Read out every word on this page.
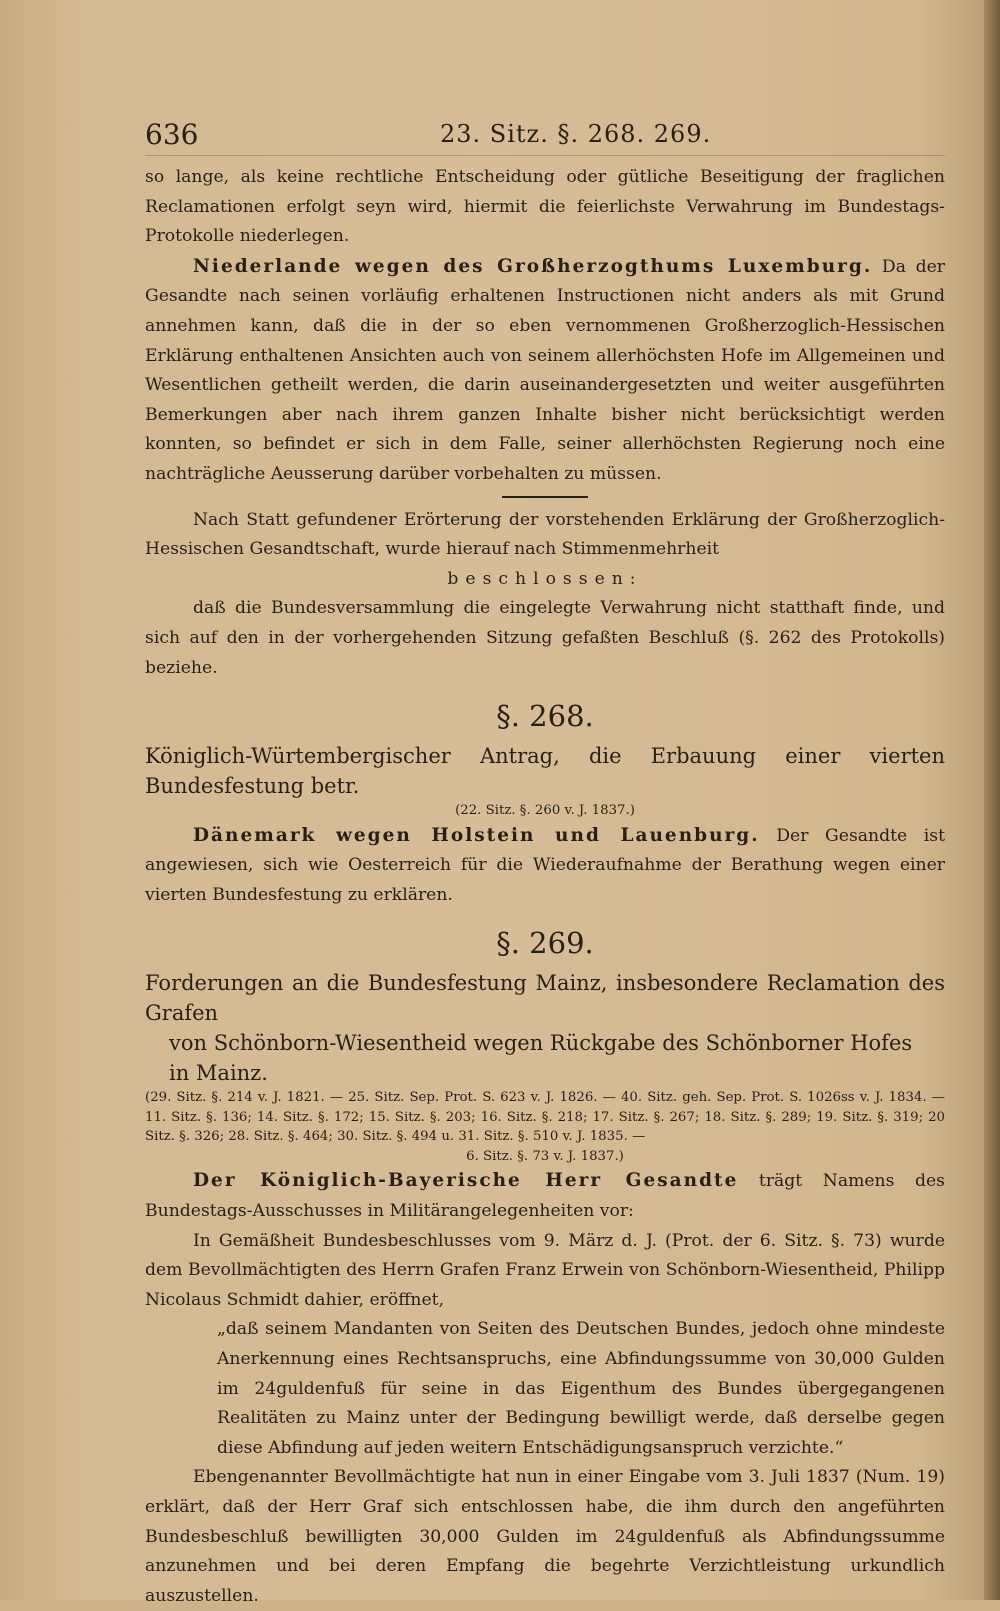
636	23. Sitz. §. 268. 269.

so lange, als keine rechtliche Entscheidung oder gütliche Beseitigung der fraglichen Reclamationen erfolgt seyn wird, hiermit die feierlichste Verwahrung im Bundestags-Protokolle niederlegen.

Niederlande wegen des Großherzogthums Luxemburg. Da der Gesandte nach seinen vorläufig erhaltenen Instructionen nicht anders als mit Grund annehmen kann, daß die in der so eben vernommenen Großherzoglich-Hessischen Erklärung enthaltenen Ansichten auch von seinem allerhöchsten Hofe im Allgemeinen und Wesentlichen getheilt werden, die darin auseinandergesetzten und weiter ausgeführten Bemerkungen aber nach ihrem ganzen Inhalte bisher nicht berücksichtigt werden konnten, so befindet er sich in dem Falle, seiner allerhöchsten Regierung noch eine nachträgliche Aeusserung darüber vorbehalten zu müssen.

Nach Statt gefundener Erörterung der vorstehenden Erklärung der Großherzoglich-Hessischen Gesandtschaft, wurde hierauf nach Stimmenmehrheit

beschlossen:

daß die Bundesversammlung die eingelegte Verwahrung nicht statthaft finde, und sich auf den in der vorhergehenden Sitzung gefaßten Beschluß (§. 262 des Protokolls) beziehe.

§. 268.

Königlich-Würtembergischer Antrag, die Erbauung einer vierten Bundesfestung betr.

(22. Sitz. §. 260 v. J. 1837.)

Dänemark wegen Holstein und Lauenburg. Der Gesandte ist angewiesen, sich wie Oesterreich für die Wiederaufnahme der Berathung wegen einer vierten Bundesfestung zu erklären.

§. 269.

Forderungen an die Bundesfestung Mainz, insbesondere Reclamation des Grafen
von Schönborn-Wiesentheid wegen Rückgabe des Schönborner Hofes
in Mainz.

(29. Sitz. §. 214 v. J. 1821. — 25. Sitz. Sep. Prot. S. 623 v. J. 1826. — 40. Sitz. geh. Sep. Prot. S. 1026ss v. J. 1834. — 11. Sitz. §. 136; 14. Sitz. §. 172; 15. Sitz. §. 203; 16. Sitz. §. 218; 17. Sitz. §. 267; 18. Sitz. §. 289; 19. Sitz. §. 319; 20 Sitz. §. 326; 28. Sitz. §. 464; 30. Sitz. §. 494 u. 31. Sitz. §. 510 v. J. 1835. —

6. Sitz. §. 73 v. J. 1837.)

Der Königlich-Bayerische Herr Gesandte trägt Namens des Bundestags-Ausschusses in Militärangelegenheiten vor:

In Gemäßheit Bundesbeschlusses vom 9. März d. J. (Prot. der 6. Sitz. §. 73) wurde dem Bevollmächtigten des Herrn Grafen Franz Erwein von Schönborn-Wiesentheid, Philipp Nicolaus Schmidt dahier, eröffnet,

„daß seinem Mandanten von Seiten des Deutschen Bundes, jedoch ohne mindeste Anerkennung eines Rechtsanspruchs, eine Abfindungssumme von 30,000 Gulden im 24guldenfuß für seine in das Eigenthum des Bundes übergegangenen Realitäten zu Mainz unter der Bedingung bewilligt werde, daß derselbe gegen diese Abfindung auf jeden weitern Entschädigungsanspruch verzichte.“

Ebengenannter Bevollmächtigte hat nun in einer Eingabe vom 3. Juli 1837 (Num. 19) erklärt, daß der Herr Graf sich entschlossen habe, die ihm durch den angeführten Bundesbeschluß bewilligten 30,000 Gulden im 24guldenfuß als Abfindungssumme anzunehmen und bei deren Empfang die begehrte Verzichtleistung urkundlich auszustellen.
